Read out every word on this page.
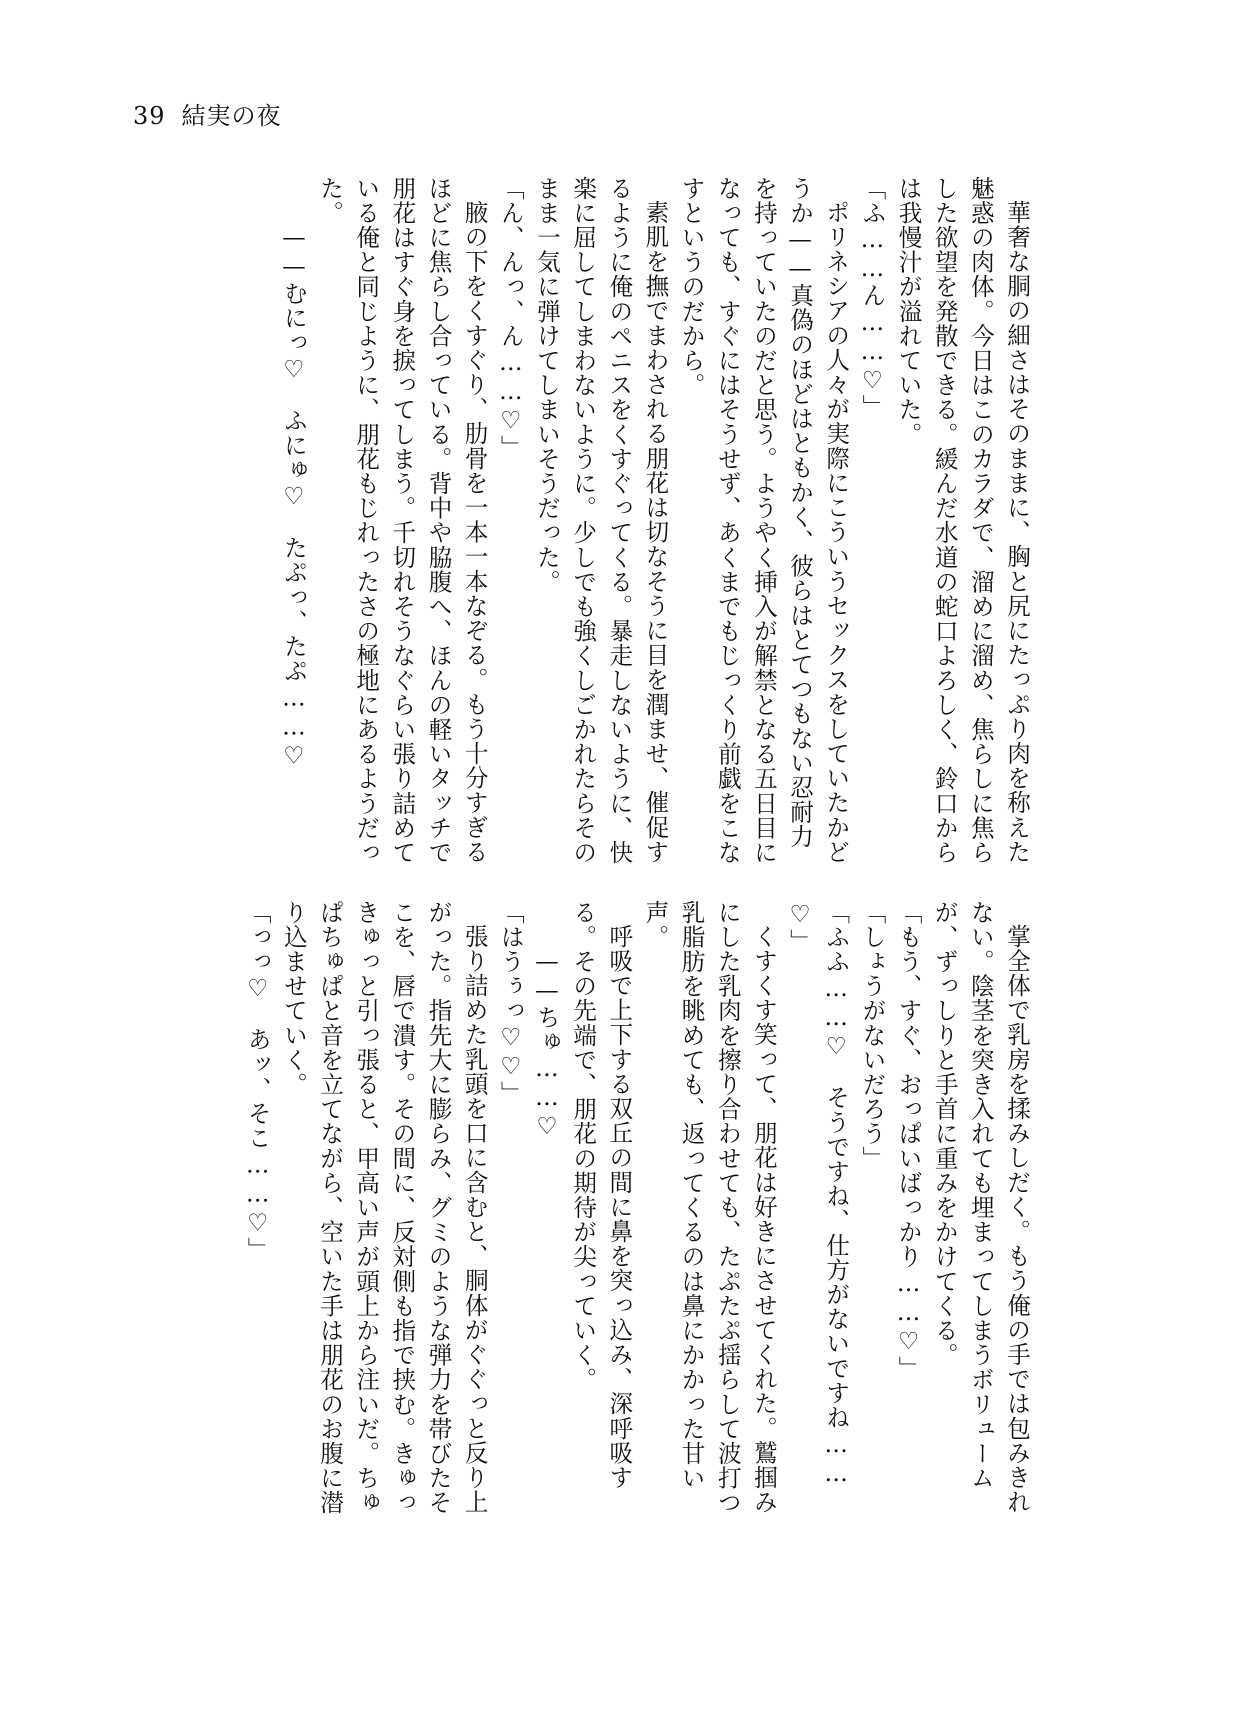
39 結実の夜

華奢な胴の細さはそのままに、胸と尻にたっぷり肉を称えた魅惑の肉体。今日はこのカラダで、溜めに溜め、焦らしに焦らした欲望を発散できる。緩んだ水道の蛇口よろしく、鈴口からは我慢汁が溢れていた。

「ふ……ん……♡」

ポリネシアの人々が実際にこういうセックスをしていたかどうか——真偽のほどはともかく、彼らはとてつもない忍耐力を持っていたのだと思う。ようやく挿入が解禁となる五日目になっても、すぐにはそうせず、あくまでもじっくり前戯をこなすというのだから。

素肌を撫でまわされる朋花は切なそうに目を潤ませ、催促するように俺のペニスをくすぐってくる。暴走しないように、快楽に屈してしまわないように。少しでも強くしごかれたらそのまま一気に弾けてしまいそうだった。

「ん、んっ、ん……♡」

腋の下をくすぐり、肋骨を一本一本なぞる。もう十分すぎるほどに焦らし合っている。背中や脇腹へ、ほんの軽いタッチで朋花はすぐ身を捩ってしまう。千切れそうなぐらい張り詰めている俺と同じように、朋花もじれったさの極地にあるようだった。

——むにっ♡　ふにゅ♡　たぷっ、たぷ……♡

掌全体で乳房を揉みしだく。もう俺の手では包みきれない。陰茎を突き入れても埋まってしまうボリュームが、ずっしりと手首に重みをかけてくる。

「もう、すぐ、おっぱいばっかり……♡」

「しょうがないだろう」

「ふふ……♡　そうですね、仕方がないですね……♡」

くすくす笑って、朋花は好きにさせてくれた。鷲掴みにした乳肉を擦り合わせても、たぷたぷ揺らして波打つ乳脂肪を眺めても、返ってくるのは鼻にかかった甘い声。

呼吸で上下する双丘の間に鼻を突っ込み、深呼吸する。その先端で、朋花の期待が尖っていく。

——ちゅ……♡

「はうぅっ♡♡」

張り詰めた乳頭を口に含むと、胴体がぐぐっと反り上がった。指先大に膨らみ、グミのような弾力を帯びたそこを、唇で潰す。その間に、反対側も指で挟む。きゅっきゅっと引っ張ると、甲高い声が頭上から注いだ。ちゅぱちゅぱと音を立てながら、空いた手は朋花のお腹に潜り込ませていく。

「っっ♡　あッ、そこ……♡」
